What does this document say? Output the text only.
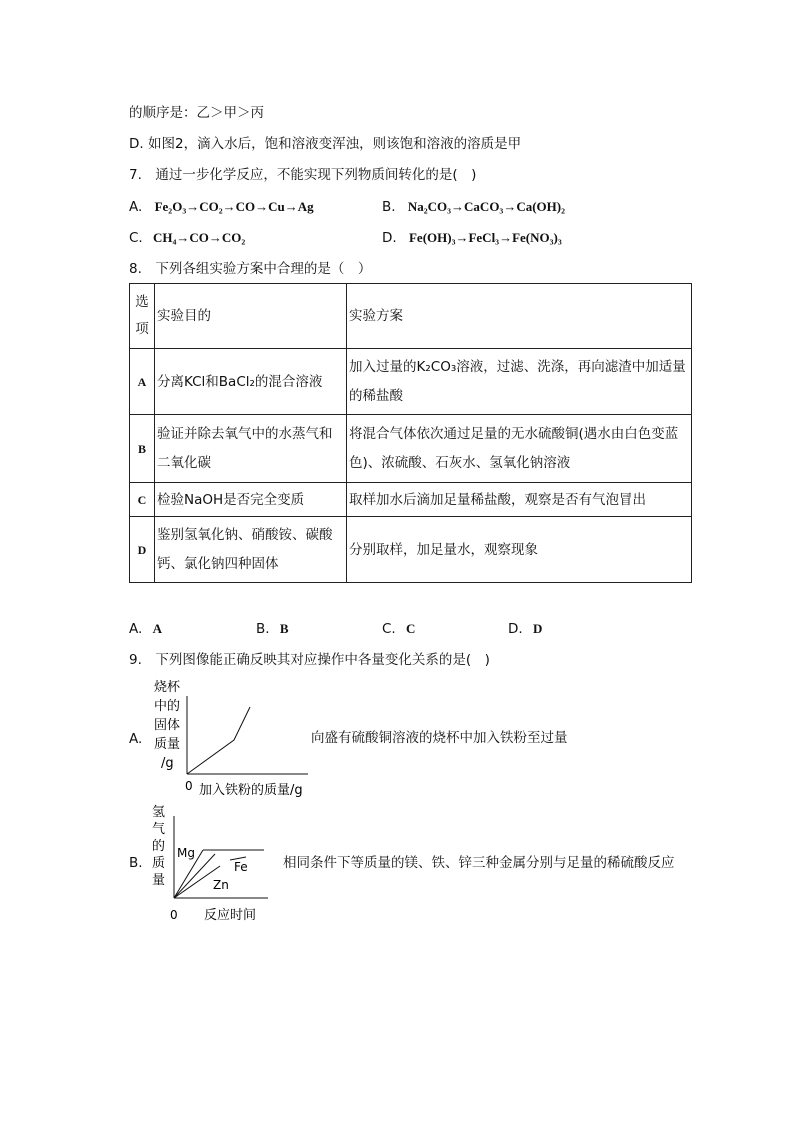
的顺序是：乙＞甲＞丙
D. 如图2，滴入水后，饱和溶液变浑浊，则该饱和溶液的溶质是甲
7.　通过一步化学反应，不能实现下列物质间转化的是(　)
A. Fe₂O₃→CO₂→CO→Cu→Ag	B. Na₂CO₃→CaCO₃→Ca(OH)₂
C. CH₄→CO→CO₂	D. Fe(OH)₃→FeCl₃→Fe(NO₃)₃
8.　下列各组实验方案中合理的是（　）
选项	实验目的	实验方案
A	分离KCl和BaCl₂的混合溶液	加入过量的K₂CO₃溶液，过滤、洗涤，再向滤渣中加适量的稀盐酸
B	验证并除去氧气中的水蒸气和二氧化碳	将混合气体依次通过足量的无水硫酸铜(遇水由白色变蓝色)、浓硫酸、石灰水、氢氧化钠溶液
C	检验NaOH是否完全变质	取样加水后滴加足量稀盐酸，观察是否有气泡冒出
D	鉴别氢氧化钠、硝酸铵、碳酸钙、氯化钠四种固体	分别取样，加足量水，观察现象
A. A	B. B	C. C	D. D
9.　下列图像能正确反映其对应操作中各量变化关系的是(　)
A.
烧杯
中的
固体
质量
/g
0 加入铁粉的质量/g
向盛有硫酸铜溶液的烧杯中加入铁粉至过量
B.
氢
气
的
质
量
Mg
Fe
Zn
0 反应时间
相同条件下等质量的镁、铁、锌三种金属分别与足量的稀硫酸反应
